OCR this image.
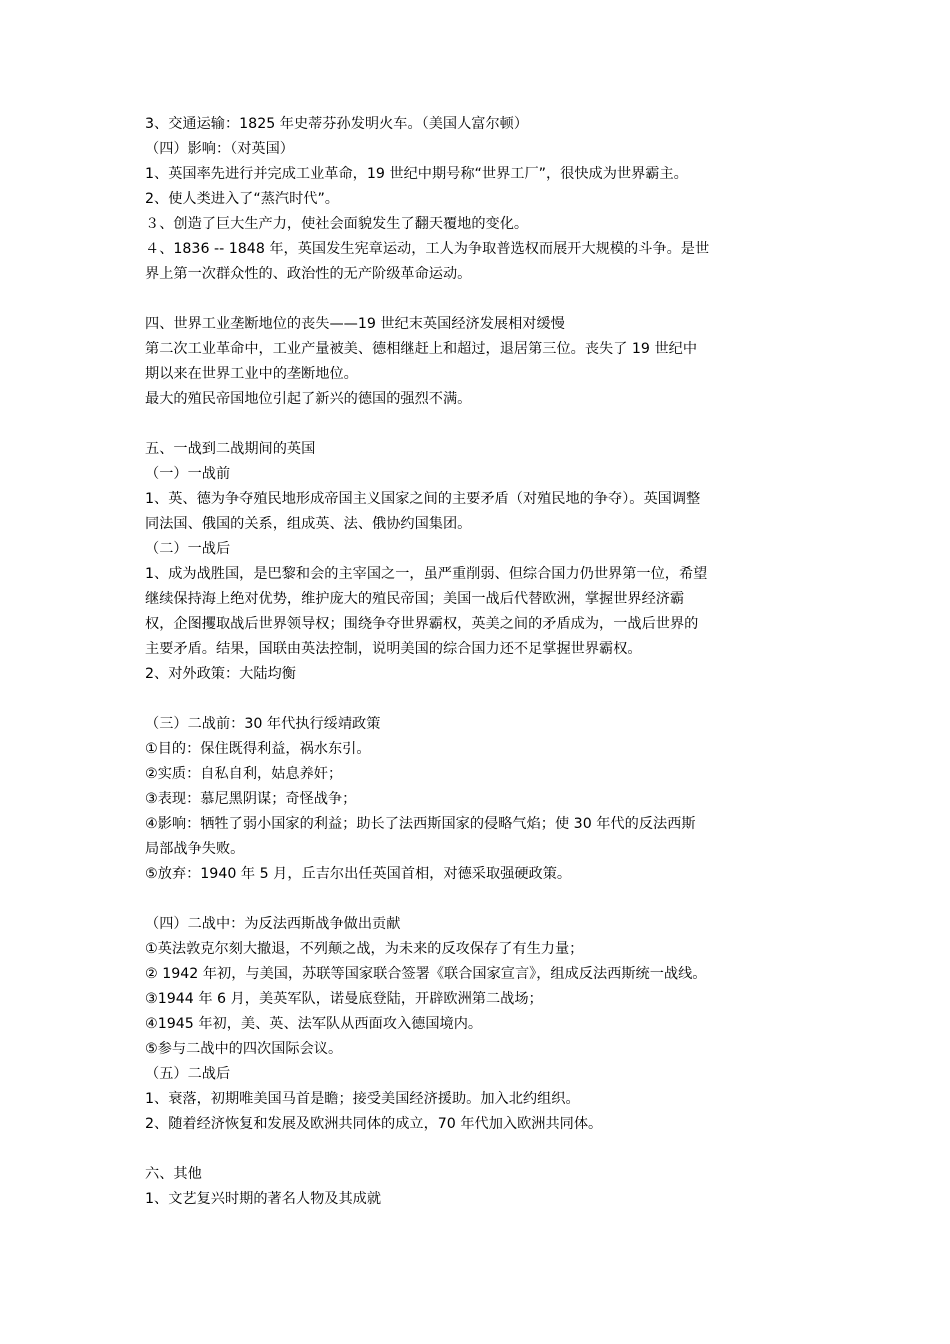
3、交通运输：1825 年史蒂芬孙发明火车。（美国人富尔顿）
（四）影响：（对英国）
1、英国率先进行并完成工业革命，19 世纪中期号称“世界工厂”，很快成为世界霸主。
2、使人类进入了“蒸汽时代”。
３、创造了巨大生产力，使社会面貌发生了翻天覆地的变化。
４、1836 -- 1848 年，英国发生宪章运动，工人为争取普选权而展开大规模的斗争。是世
界上第一次群众性的、政治性的无产阶级革命运动。
四、世界工业垄断地位的丧失——19 世纪末英国经济发展相对缓慢
第二次工业革命中，工业产量被美、德相继赶上和超过，退居第三位。丧失了 19 世纪中
期以来在世界工业中的垄断地位。
最大的殖民帝国地位引起了新兴的德国的强烈不满。
五、一战到二战期间的英国
（一）一战前
1、英、德为争夺殖民地形成帝国主义国家之间的主要矛盾（对殖民地的争夺）。英国调整
同法国、俄国的关系，组成英、法、俄协约国集团。
（二）一战后
1、成为战胜国，是巴黎和会的主宰国之一，虽严重削弱、但综合国力仍世界第一位，希望
继续保持海上绝对优势，维护庞大的殖民帝国；美国一战后代替欧洲，掌握世界经济霸
权，企图攫取战后世界领导权；围绕争夺世界霸权，英美之间的矛盾成为，一战后世界的
主要矛盾。结果，国联由英法控制，说明美国的综合国力还不足掌握世界霸权。
2、对外政策：大陆均衡
（三）二战前：30 年代执行绥靖政策
①目的：保住既得利益，祸水东引。
②实质：自私自利，姑息养奸；
③表现：慕尼黑阴谋；奇怪战争；
④影响：牺牲了弱小国家的利益；助长了法西斯国家的侵略气焰；使 30 年代的反法西斯
局部战争失败。
⑤放弃：1940 年 5 月，丘吉尔出任英国首相，对德采取强硬政策。
（四）二战中：为反法西斯战争做出贡献
①英法敦克尔刻大撤退，不列颠之战，为未来的反攻保存了有生力量；
② 1942 年初，与美国，苏联等国家联合签署《联合国家宣言》，组成反法西斯统一战线。
③1944 年 6 月，美英军队，诺曼底登陆，开辟欧洲第二战场；
④1945 年初，美、英、法军队从西面攻入德国境内。
⑤参与二战中的四次国际会议。
（五）二战后
1、衰落，初期唯美国马首是瞻；接受美国经济援助。加入北约组织。
2、随着经济恢复和发展及欧洲共同体的成立，70 年代加入欧洲共同体。
六、其他
1、文艺复兴时期的著名人物及其成就
